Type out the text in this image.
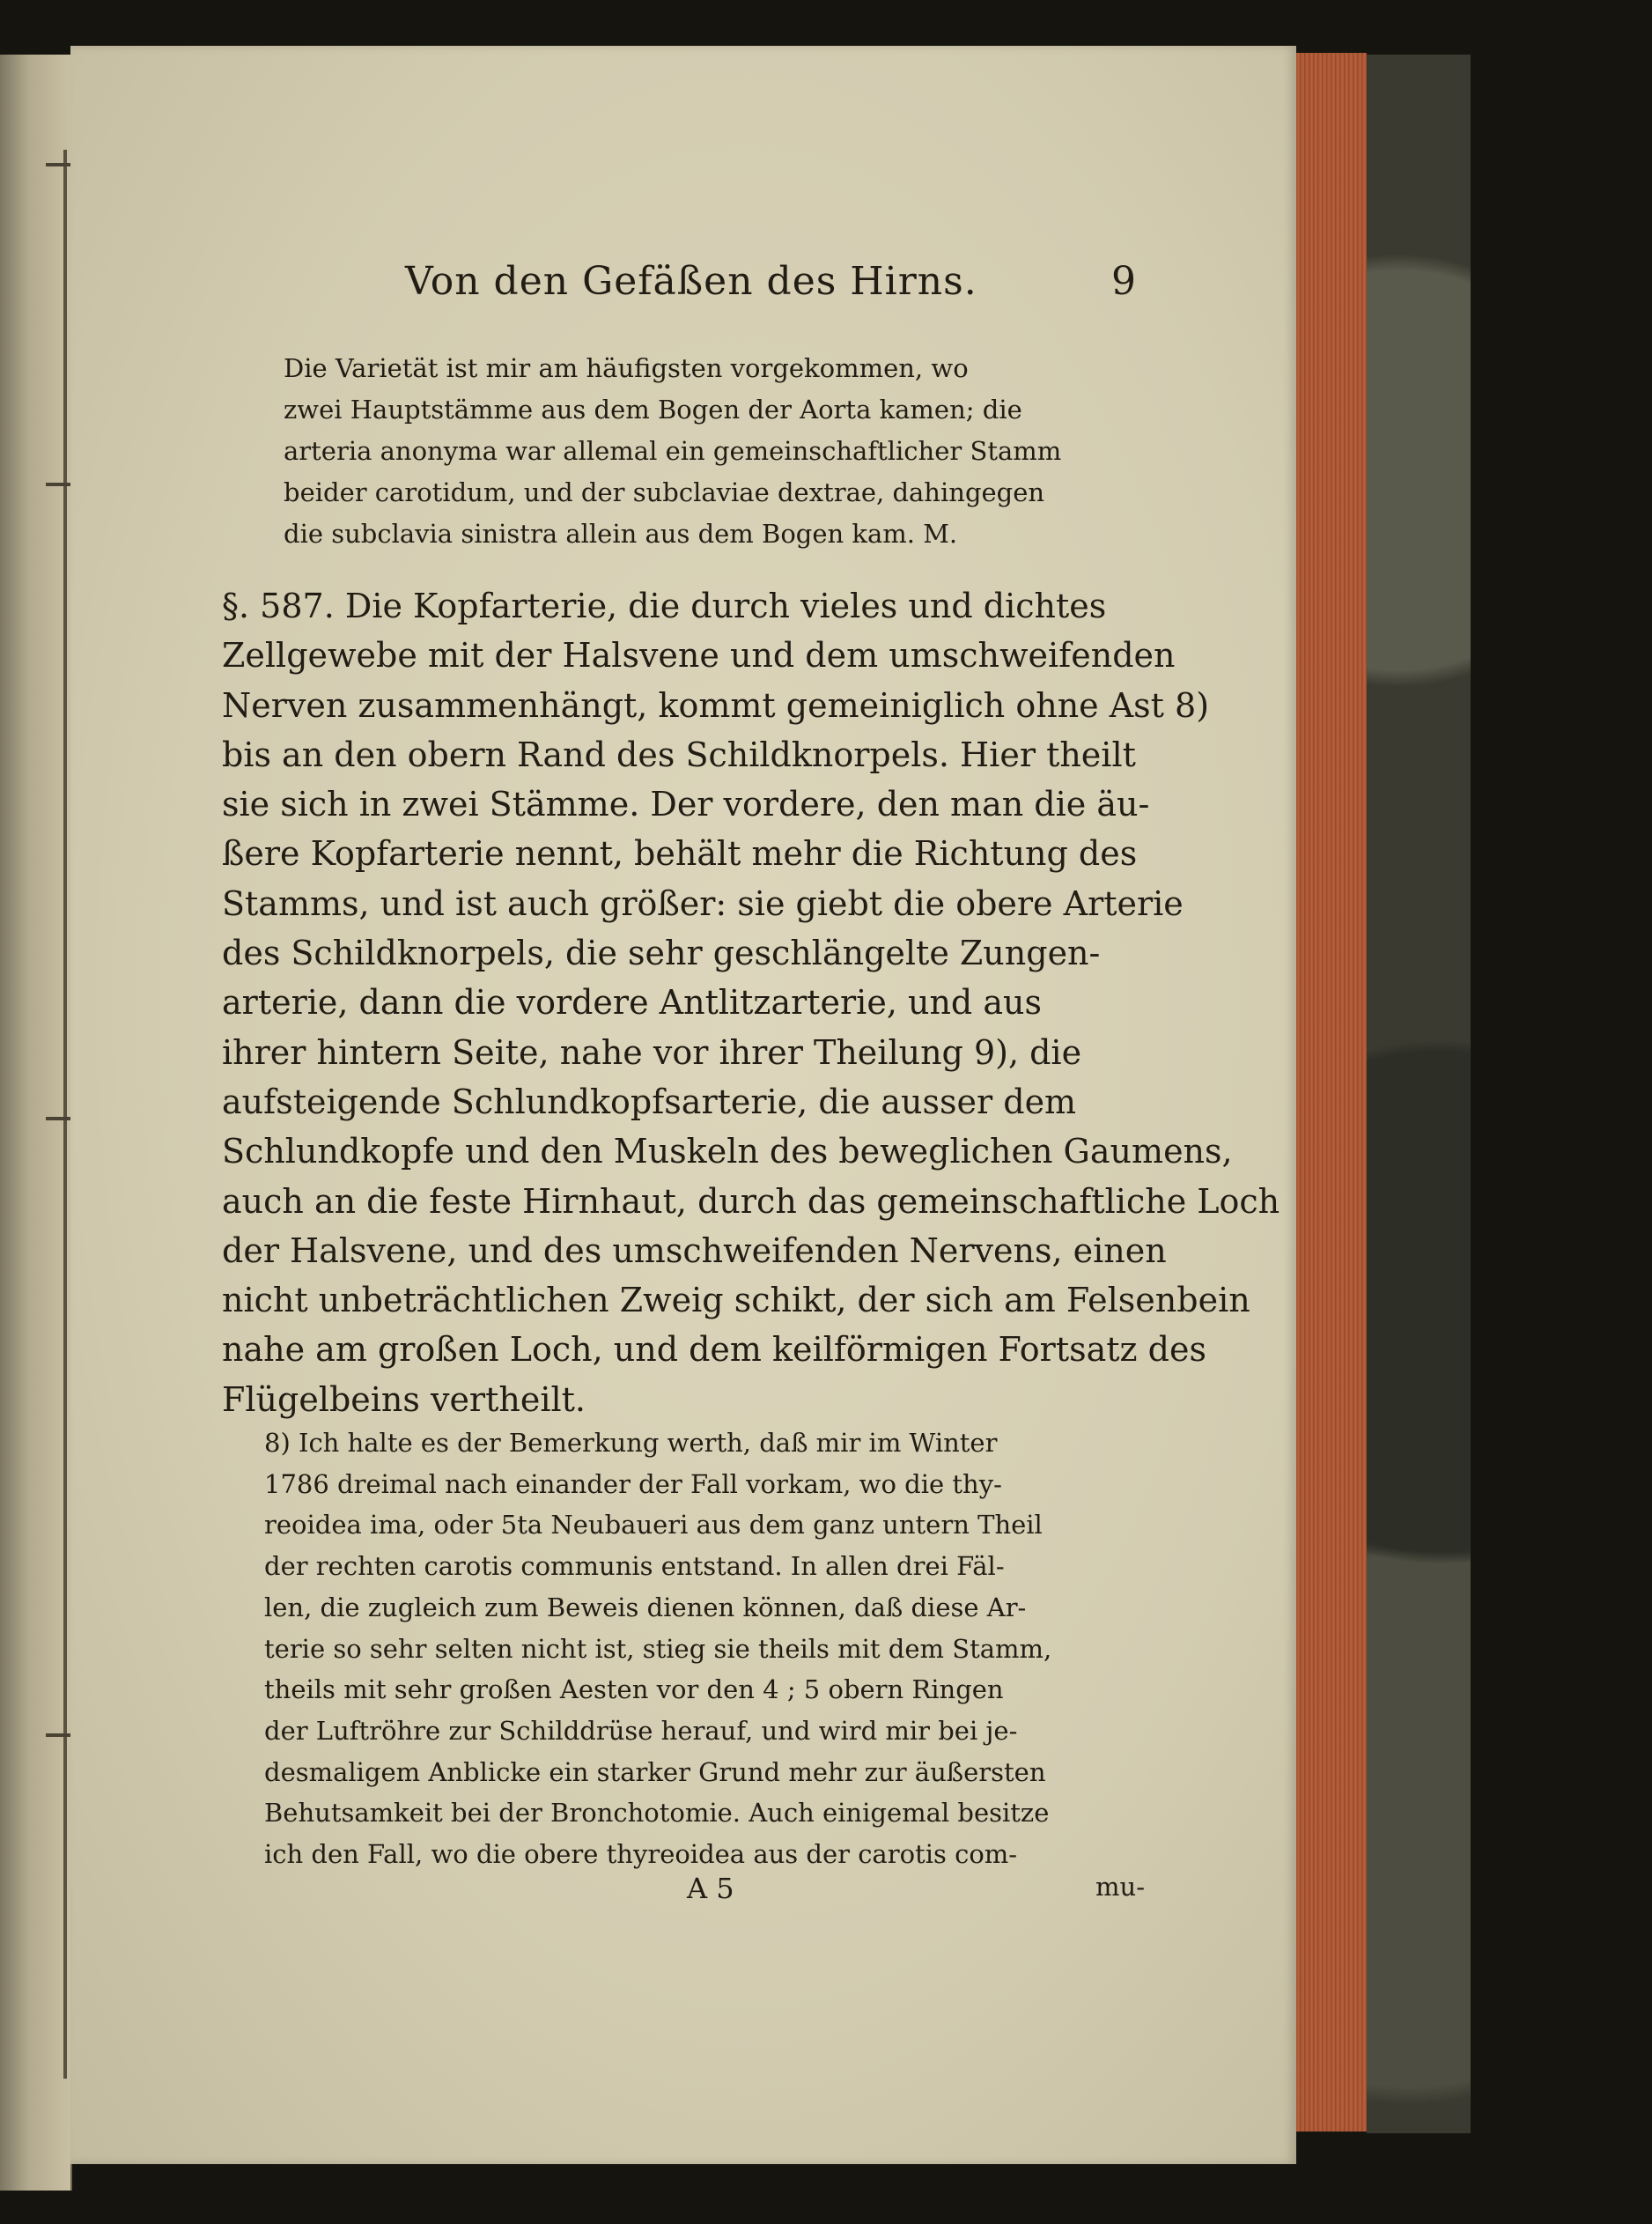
Von den Gefäßen des Hirns.	9

Die Varietät ist mir am häufigsten vorgekommen, wo

zwei Hauptstämme aus dem Bogen der Aorta kamen; die

arteria anonyma war allemal ein gemeinschaftlicher Stamm

beider carotidum, und der subclaviae dextrae, dahingegen

die subclavia sinistra allein aus dem Bogen kam. M.

§. 587. Die Kopfarterie, die durch vieles und dichtes

Zellgewebe mit der Halsvene und dem umschweifenden

Nerven zusammenhängt, kommt gemeiniglich ohne Ast 8)

bis an den obern Rand des Schildknorpels. Hier theilt

sie sich in zwei Stämme. Der vordere, den man die äu-

ßere Kopfarterie nennt, behält mehr die Richtung des

Stamms, und ist auch größer: sie giebt die obere Arterie

des Schildknorpels, die sehr geschlängelte Zungen-

arterie, dann die vordere Antlitzarterie, und aus

ihrer hintern Seite, nahe vor ihrer Theilung 9), die

aufsteigende Schlundkopfsarterie, die ausser dem

Schlundkopfe und den Muskeln des beweglichen Gaumens,

auch an die feste Hirnhaut, durch das gemeinschaftliche Loch

der Halsvene, und des umschweifenden Nervens, einen

nicht unbeträchtlichen Zweig schikt, der sich am Felsenbein

nahe am großen Loch, und dem keilförmigen Fortsatz des

Flügelbeins vertheilt.

8) Ich halte es der Bemerkung werth, daß mir im Winter

1786 dreimal nach einander der Fall vorkam, wo die thy-

reoidea ima, oder 5ta Neubaueri aus dem ganz untern Theil

der rechten carotis communis entstand. In allen drei Fäl-

len, die zugleich zum Beweis dienen können, daß diese Ar-

terie so sehr selten nicht ist, stieg sie theils mit dem Stamm,

theils mit sehr großen Aesten vor den 4 ; 5 obern Ringen

der Luftröhre zur Schilddrüse herauf, und wird mir bei je-

desmaligem Anblicke ein starker Grund mehr zur äußersten

Behutsamkeit bei der Bronchotomie. Auch einigemal besitze

ich den Fall, wo die obere thyreoidea aus der carotis com-

A 5	mu-
